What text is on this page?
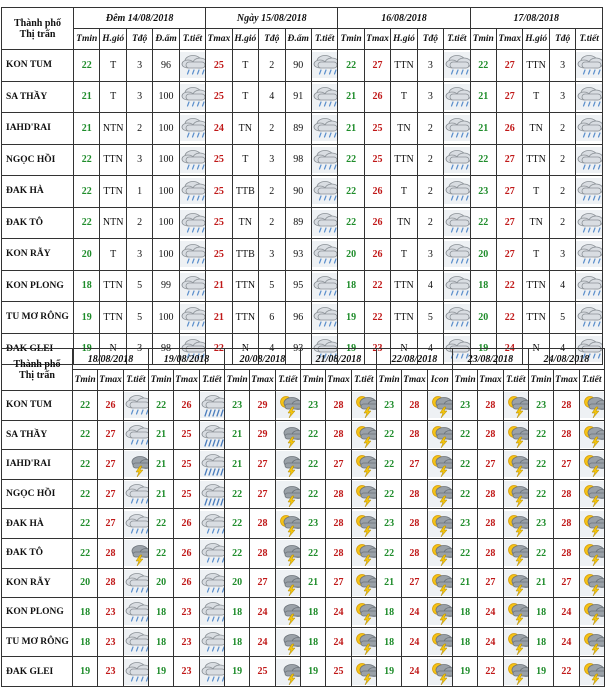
Thành phố
Thị trấn	Đêm 14/08/2018					Ngày 15/08/2018					16/08/2018					17/08/2018				
	Tmin	H.gió	Tđộ	Đ.ẩm	T.tiết	Tmax	H.gió	Tđộ	Đ.ẩm	T.tiết	Tmin	Tmax	H.gió	Tđộ	T.tiết	Tmin	Tmax	H.gió	Tđộ	T.tiết
KON TUM	22	T	3	96		25	T	2	90		22	27	TTN	3		22	27	TTN	3	
SA THẦY	21	T	3	100		25	T	4	91		21	26	T	3		21	27	T	3	
IAHD'RAI	21	NTN	2	100		24	TN	2	89		21	25	TN	2		21	26	TN	2	
NGỌC HỒI	22	TTN	3	100		25	T	3	98		22	25	TTN	2		22	27	TTN	2	
ĐAK HÀ	22	TTN	1	100		25	TTB	2	90		22	26	T	2		23	27	T	2	
ĐAK TÔ	22	NTN	2	100		25	TN	2	89		22	26	TN	2		22	27	TN	2	
KON RẪY	20	T	3	100		25	TTB	3	93		20	26	T	3		20	27	T	3	
KON PLONG	18	TTN	5	99		21	TTN	5	95		18	22	TTN	4		18	22	TTN	4	
TU MƠ RÔNG	19	TTN	5	100		21	TTN	6	96		19	22	TTN	5		20	22	TTN	5	
ĐAK GLEI	19	N	3	98		22	N	4	93		19	23	N	4		19	24	N	4	
Thành phố
Thị trấn	18/08/2018			19/08/2018			20/08/2018			21/08/2018			22/08/2018			23/08/2018			24/08/2018		
	Tmin	Tmax	T.tiết	Tmin	Tmax	T.tiết	Tmin	Tmax	T.tiết	Tmin	Tmax	T.tiết	Tmin	Tmax	Icon	Tmin	Tmax	T.tiết	Tmin	Tmax	T.tiết
KON TUM	22	26		22	26		23	29		23	28		23	28		23	28		23	28	
SA THẦY	22	27		21	25		21	29		22	28		22	28		22	28		22	28	
IAHD'RAI	22	27		21	25		21	27		22	27		22	27		22	27		22	27	
NGỌC HỒI	22	27		21	25		22	27		22	28		22	28		22	28		22	28	
ĐAK HÀ	22	27		22	26		22	28		23	28		23	28		23	28		23	28	
ĐAK TÔ	22	28		22	26		22	28		22	28		22	28		22	28		22	28	
KON RẪY	20	28		20	26		20	27		21	27		21	27		21	27		21	27	
KON PLONG	18	23		18	23		18	24		18	24		18	24		18	24		18	24	
TU MƠ RÔNG	18	23		18	23		18	24		18	24		18	24		18	24		18	24	
ĐAK GLEI	19	23		19	23		19	25		19	25		19	24		19	22		19	22	
